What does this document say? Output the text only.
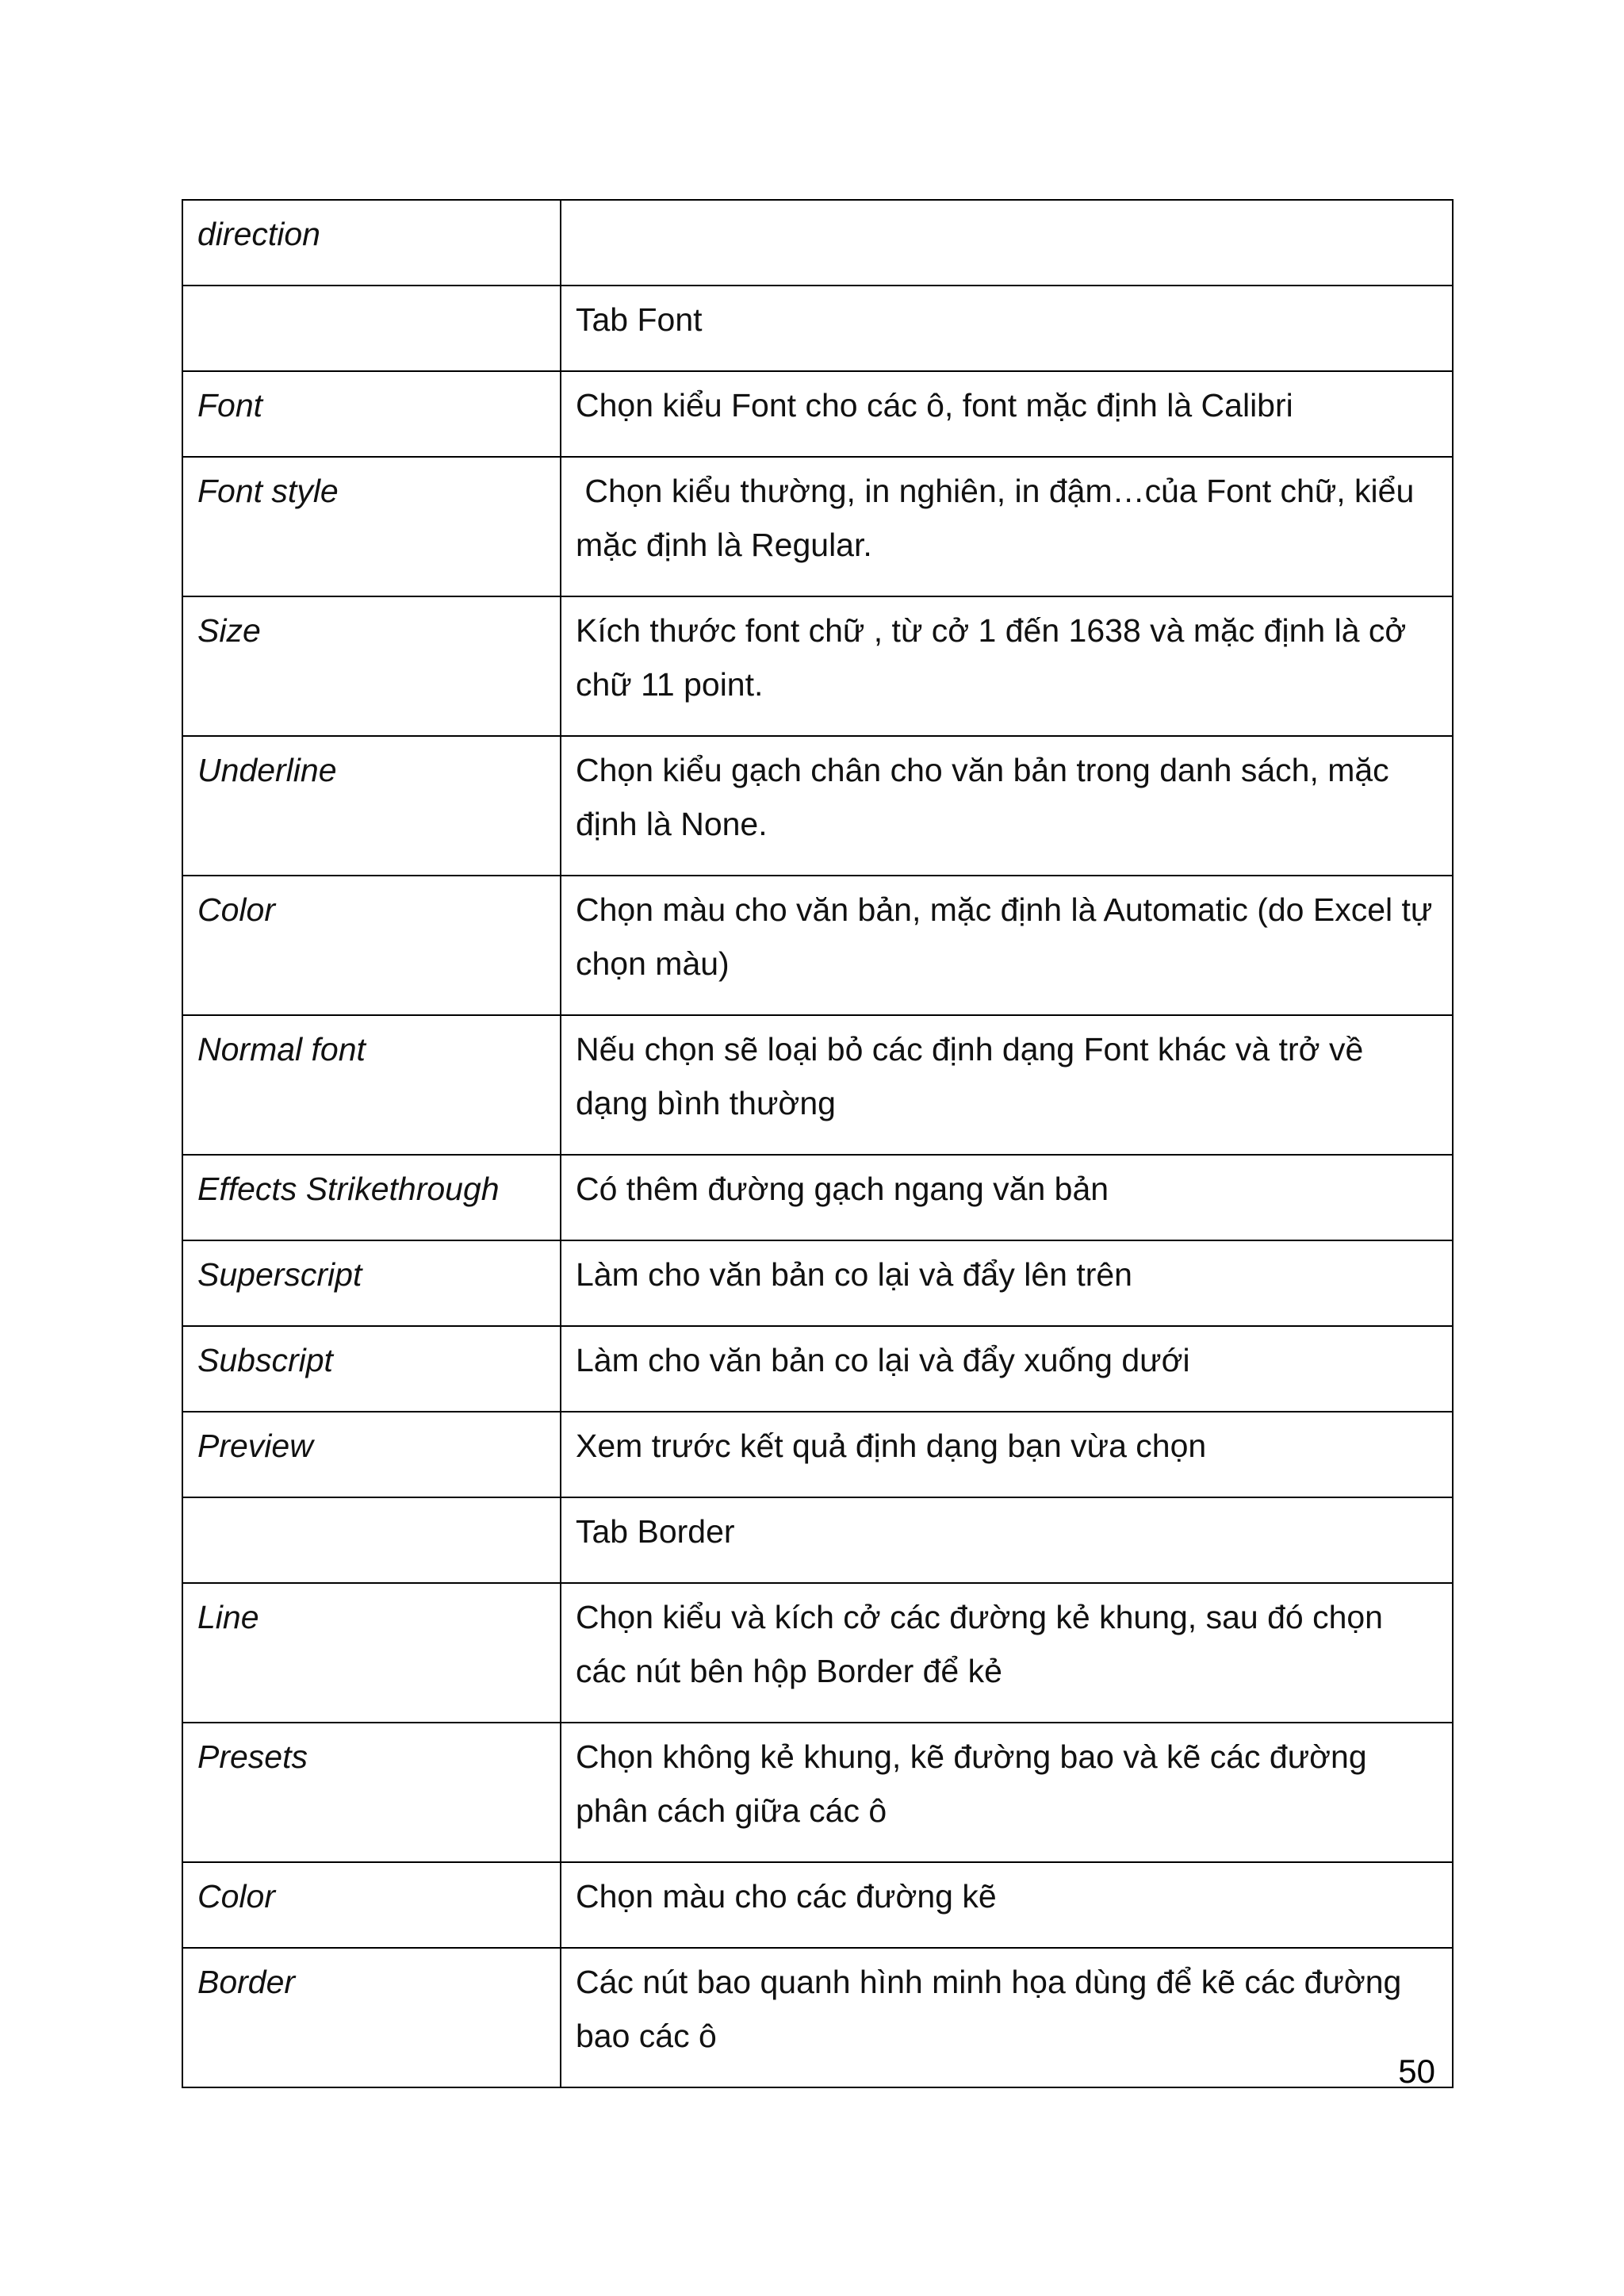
direction	
	Tab Font
Font	Chọn kiểu Font cho các ô, font mặc định là Calibri
Font style	Chọn kiểu thường, in nghiên, in đậm…của Font chữ, kiểu mặc định là Regular.
Size	Kích thước font chữ , từ cở 1 đến 1638 và mặc định là cở chữ 11 point.
Underline	Chọn kiểu gạch chân cho văn bản trong danh sách, mặc định là None.
Color	Chọn màu cho văn bản, mặc định là Automatic (do Excel tự chọn màu)
Normal font	Nếu chọn sẽ loại bỏ các định dạng Font khác và trở về dạng bình thường
Effects Strikethrough	Có thêm đường gạch ngang văn bản
Superscript	Làm cho văn bản co lại và đẩy lên trên
Subscript	Làm cho văn bản co lại và đẩy xuống dưới
Preview	Xem trước kết quả định dạng bạn vừa chọn
	Tab Border
Line	Chọn kiểu và kích cở các đường kẻ khung, sau đó chọn các nút bên hộp Border để kẻ
Presets	Chọn không kẻ khung, kẽ đường bao và kẽ các đường phân cách giữa các ô
Color	Chọn màu cho các đường kẽ
Border	Các nút bao quanh hình minh họa dùng để kẽ các đường bao các ô
50
